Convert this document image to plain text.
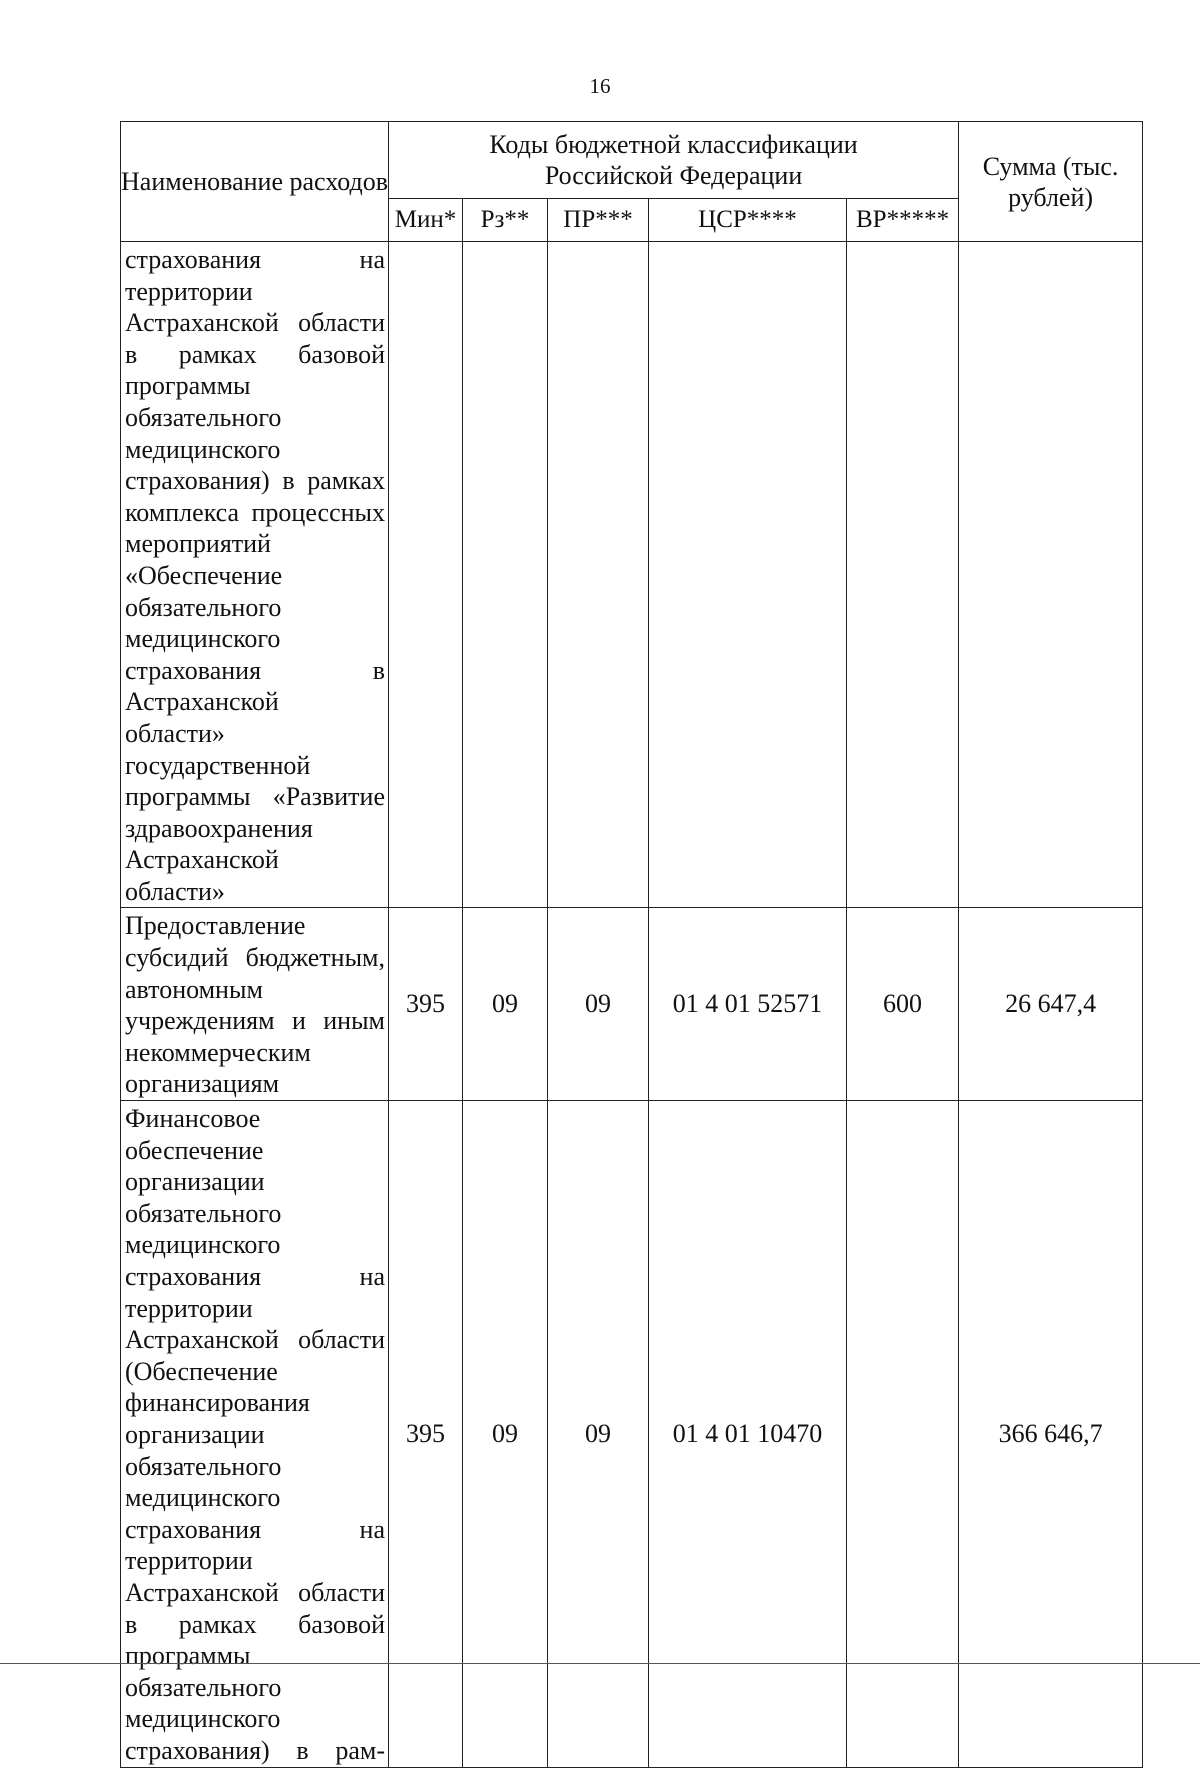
16
Наименование расходов	Коды бюджетной классификации Российской Федерации					Сумма (тыс. рублей)

	Мин*	Рз**	ПР***	ЦСР****	ВР*****	
страхования на территории Астраханской области в рамках базовой программы обязательного медицинского страхования) в рамках комплекса процессных мероприятий «Обеспечение обязательного медицинского страхования в Астраханской области» государственной программы «Развитие здравоохранения Астраханской области»						
Предоставление субсидий бюджетным, автономным учреждениям и иным некоммерческим организациям	395	09	09	01 4 01 52571	600	26 647,4
Финансовое обеспечение организации обязательного медицинского страхования на территории Астраханской области (Обеспечение финансирования организации обязательного медицинского страхования на территории Астраханской области в рамках базовой программы обязательного медицинского страхования) в рам-	395	09	09	01 4 01 10470		366 646,7
